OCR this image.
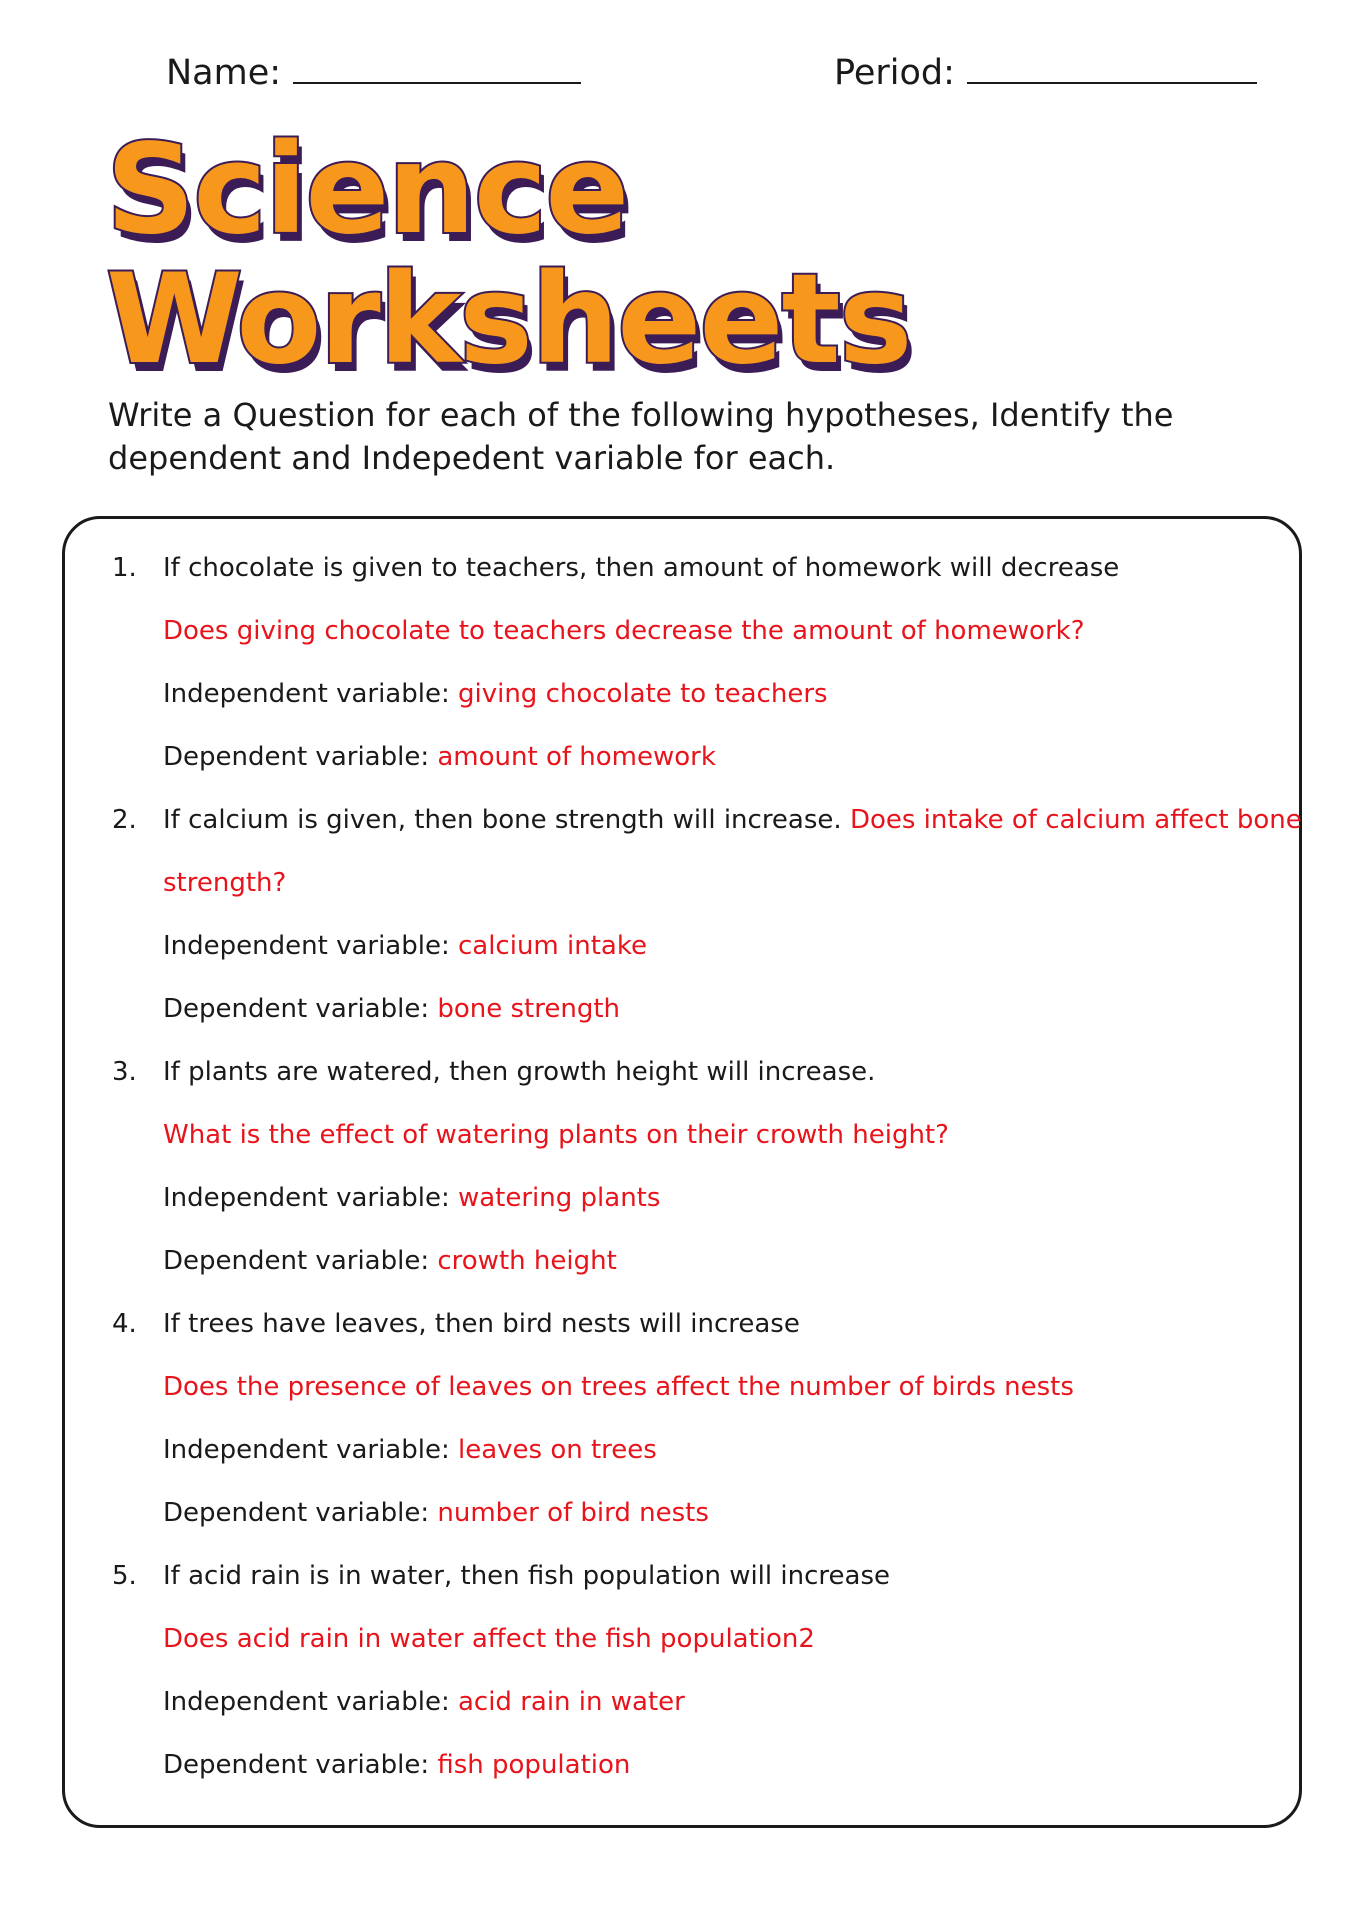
Name:	Period:
Science
Worksheets

Write a Question for each of the following hypotheses, Identify the dependent and Indepedent variable for each.

1. If chocolate is given to teachers, then amount of homework will decrease
Does giving chocolate to teachers decrease the amount of homework?
Independent variable: giving chocolate to teachers
Dependent variable: amount of homework
2. If calcium is given, then bone strength will increase. Does intake of calcium affect bone
strength?
Independent variable: calcium intake
Dependent variable: bone strength
3. If plants are watered, then growth height will increase.
What is the effect of watering plants on their crowth height?
Independent variable: watering plants
Dependent variable: crowth height
4. If trees have leaves, then bird nests will increase
Does the presence of leaves on trees affect the number of birds nests
Independent variable: leaves on trees
Dependent variable: number of bird nests
5. If acid rain is in water, then fish population will increase
Does acid rain in water affect the fish population2
Independent variable: acid rain in water
Dependent variable: fish population
